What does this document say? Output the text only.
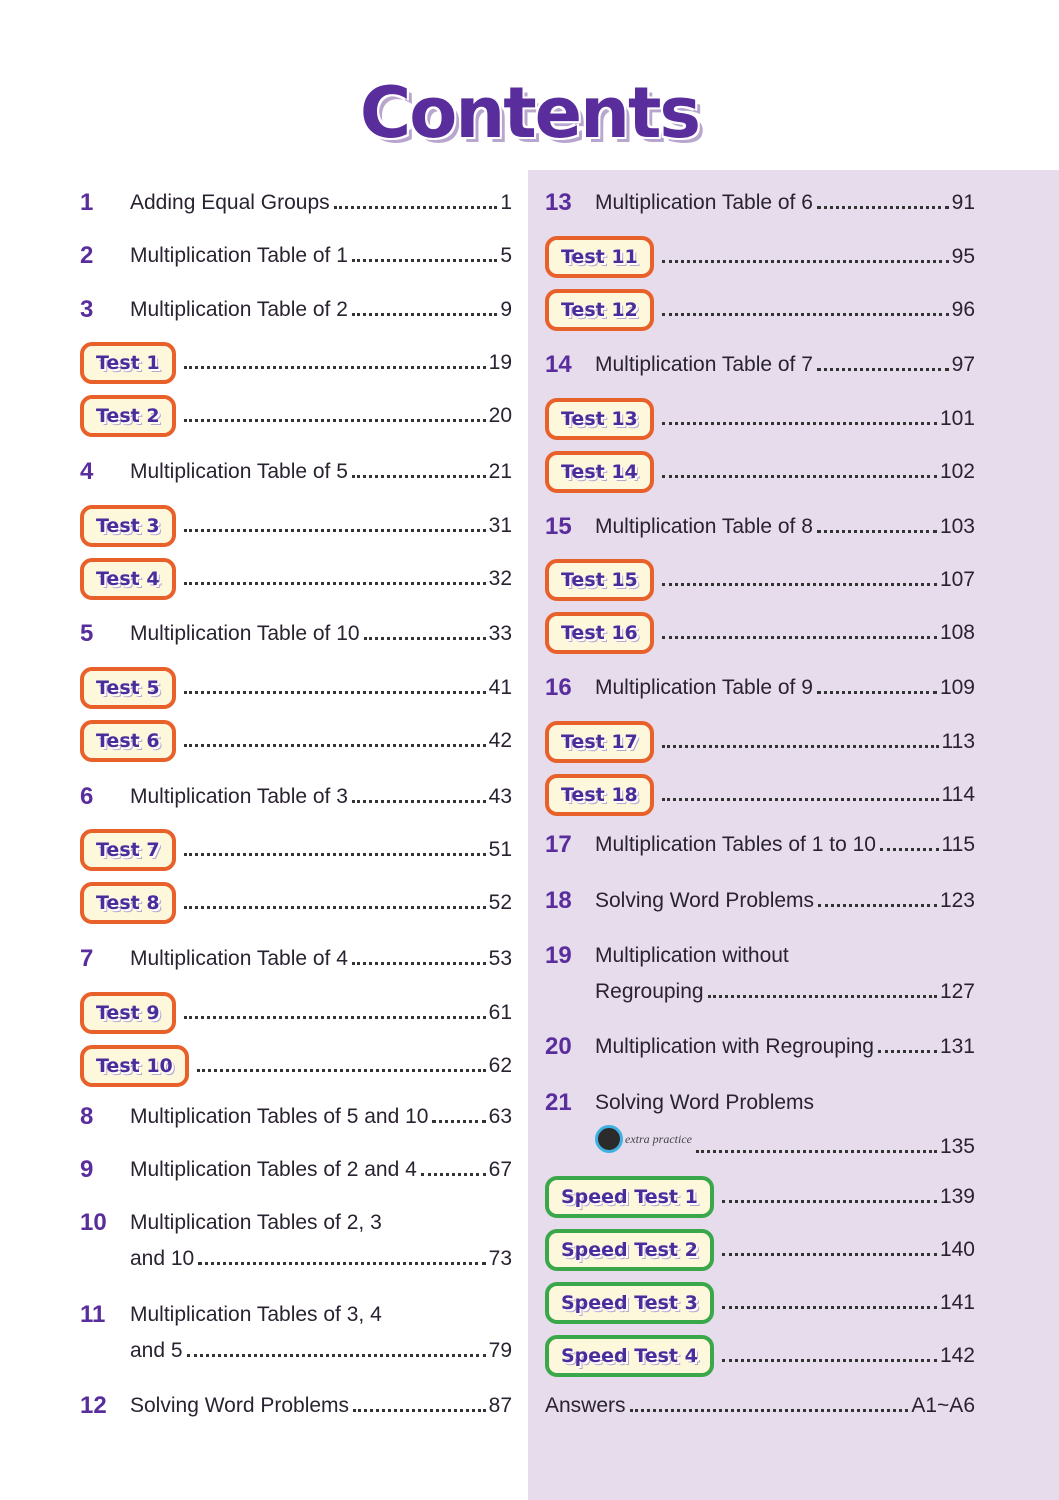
Contents
1	Adding Equal Groups	1
2	Multiplication Table of 1	5
3	Multiplication Table of 2	9
Test 1	19
Test 2	20
4	Multiplication Table of 5	21
Test 3	31
Test 4	32
5	Multiplication Table of 10	33
Test 5	41
Test 6	42
6	Multiplication Table of 3	43
Test 7	51
Test 8	52
7	Multiplication Table of 4	53
Test 9	61
Test 10	62
8	Multiplication Tables of 5 and 10	63
9	Multiplication Tables of 2 and 4	67
10	Multiplication Tables of 2, 3
and 10	73
11	Multiplication Tables of 3, 4
and 5	79
12	Solving Word Problems	87
13	Multiplication Table of 6	91
Test 11	95
Test 12	96
14	Multiplication Table of 7	97
Test 13	101
Test 14	102
15	Multiplication Table of 8	103
Test 15	107
Test 16	108
16	Multiplication Table of 9	109
Test 17	113
Test 18	114
17	Multiplication Tables of 1 to 10	115
18	Solving Word Problems	123
19	Multiplication without
Regrouping	127
20	Multiplication with Regrouping	131
21	Solving Word Problems
extra practice	135
Speed Test 1	139
Speed Test 2	140
Speed Test 3	141
Speed Test 4	142
Answers	A1~A6
